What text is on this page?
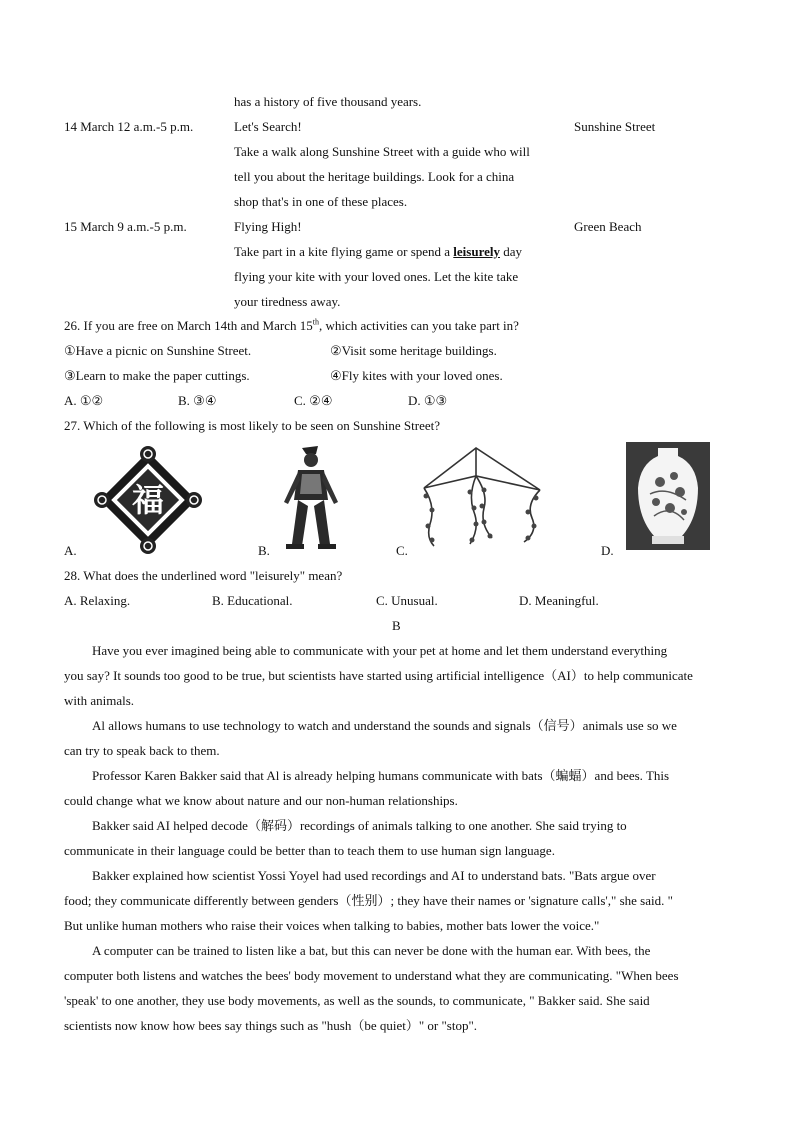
has a history of five thousand years.
14 March 12 a.m.-5 p.m.	Let's Search!	Sunshine Street
Take a walk along Sunshine Street with a guide who will
tell you about the heritage buildings. Look for a china
shop that's in one of these places.
15 March 9 a.m.-5 p.m.	Flying High!	Green Beach
Take part in a kite flying game or spend a leisurely day
flying your kite with your loved ones. Let the kite take
your tiredness away.
26. If you are free on March 14th and March 15th, which activities can you take part in?
①Have a picnic on Sunshine Street.	②Visit some heritage buildings.
③Learn to make the paper cuttings.	④Fly kites with your loved ones.
A. ①②	B. ③④	C. ②④	D. ①③
27. Which of the following is most likely to be seen on Sunshine Street?
福
A.	B.	C.	D.
28. What does the underlined word "leisurely" mean?
A. Relaxing.	B. Educational.	C. Unusual.	D. Meaningful.
B
Have you ever imagined being able to communicate with your pet at home and let them understand everything
you say? It sounds too good to be true, but scientists have started using artificial intelligence（AI）to help communicate
with animals.
Al allows humans to use technology to watch and understand the sounds and signals（信号）animals use so we
can try to speak back to them.
Professor Karen Bakker said that Al is already helping humans communicate with bats（蝙蝠）and bees. This
could change what we know about nature and our non-human relationships.
Bakker said AI helped decode（解码）recordings of animals talking to one another. She said trying to
communicate in their language could be better than to teach them to use human sign language.
Bakker explained how scientist Yossi Yoyel had used recordings and AI to understand bats. "Bats argue over
food; they communicate differently between genders（性别）; they have their names or 'signature calls'," she said. "
But unlike human mothers who raise their voices when talking to babies, mother bats lower the voice."
A computer can be trained to listen like a bat, but this can never be done with the human ear. With bees, the
computer both listens and watches the bees' body movement to understand what they are communicating. "When bees
'speak' to one another, they use body movements, as well as the sounds, to communicate, " Bakker said. She said
scientists now know how bees say things such as "hush（be quiet）" or "stop".
